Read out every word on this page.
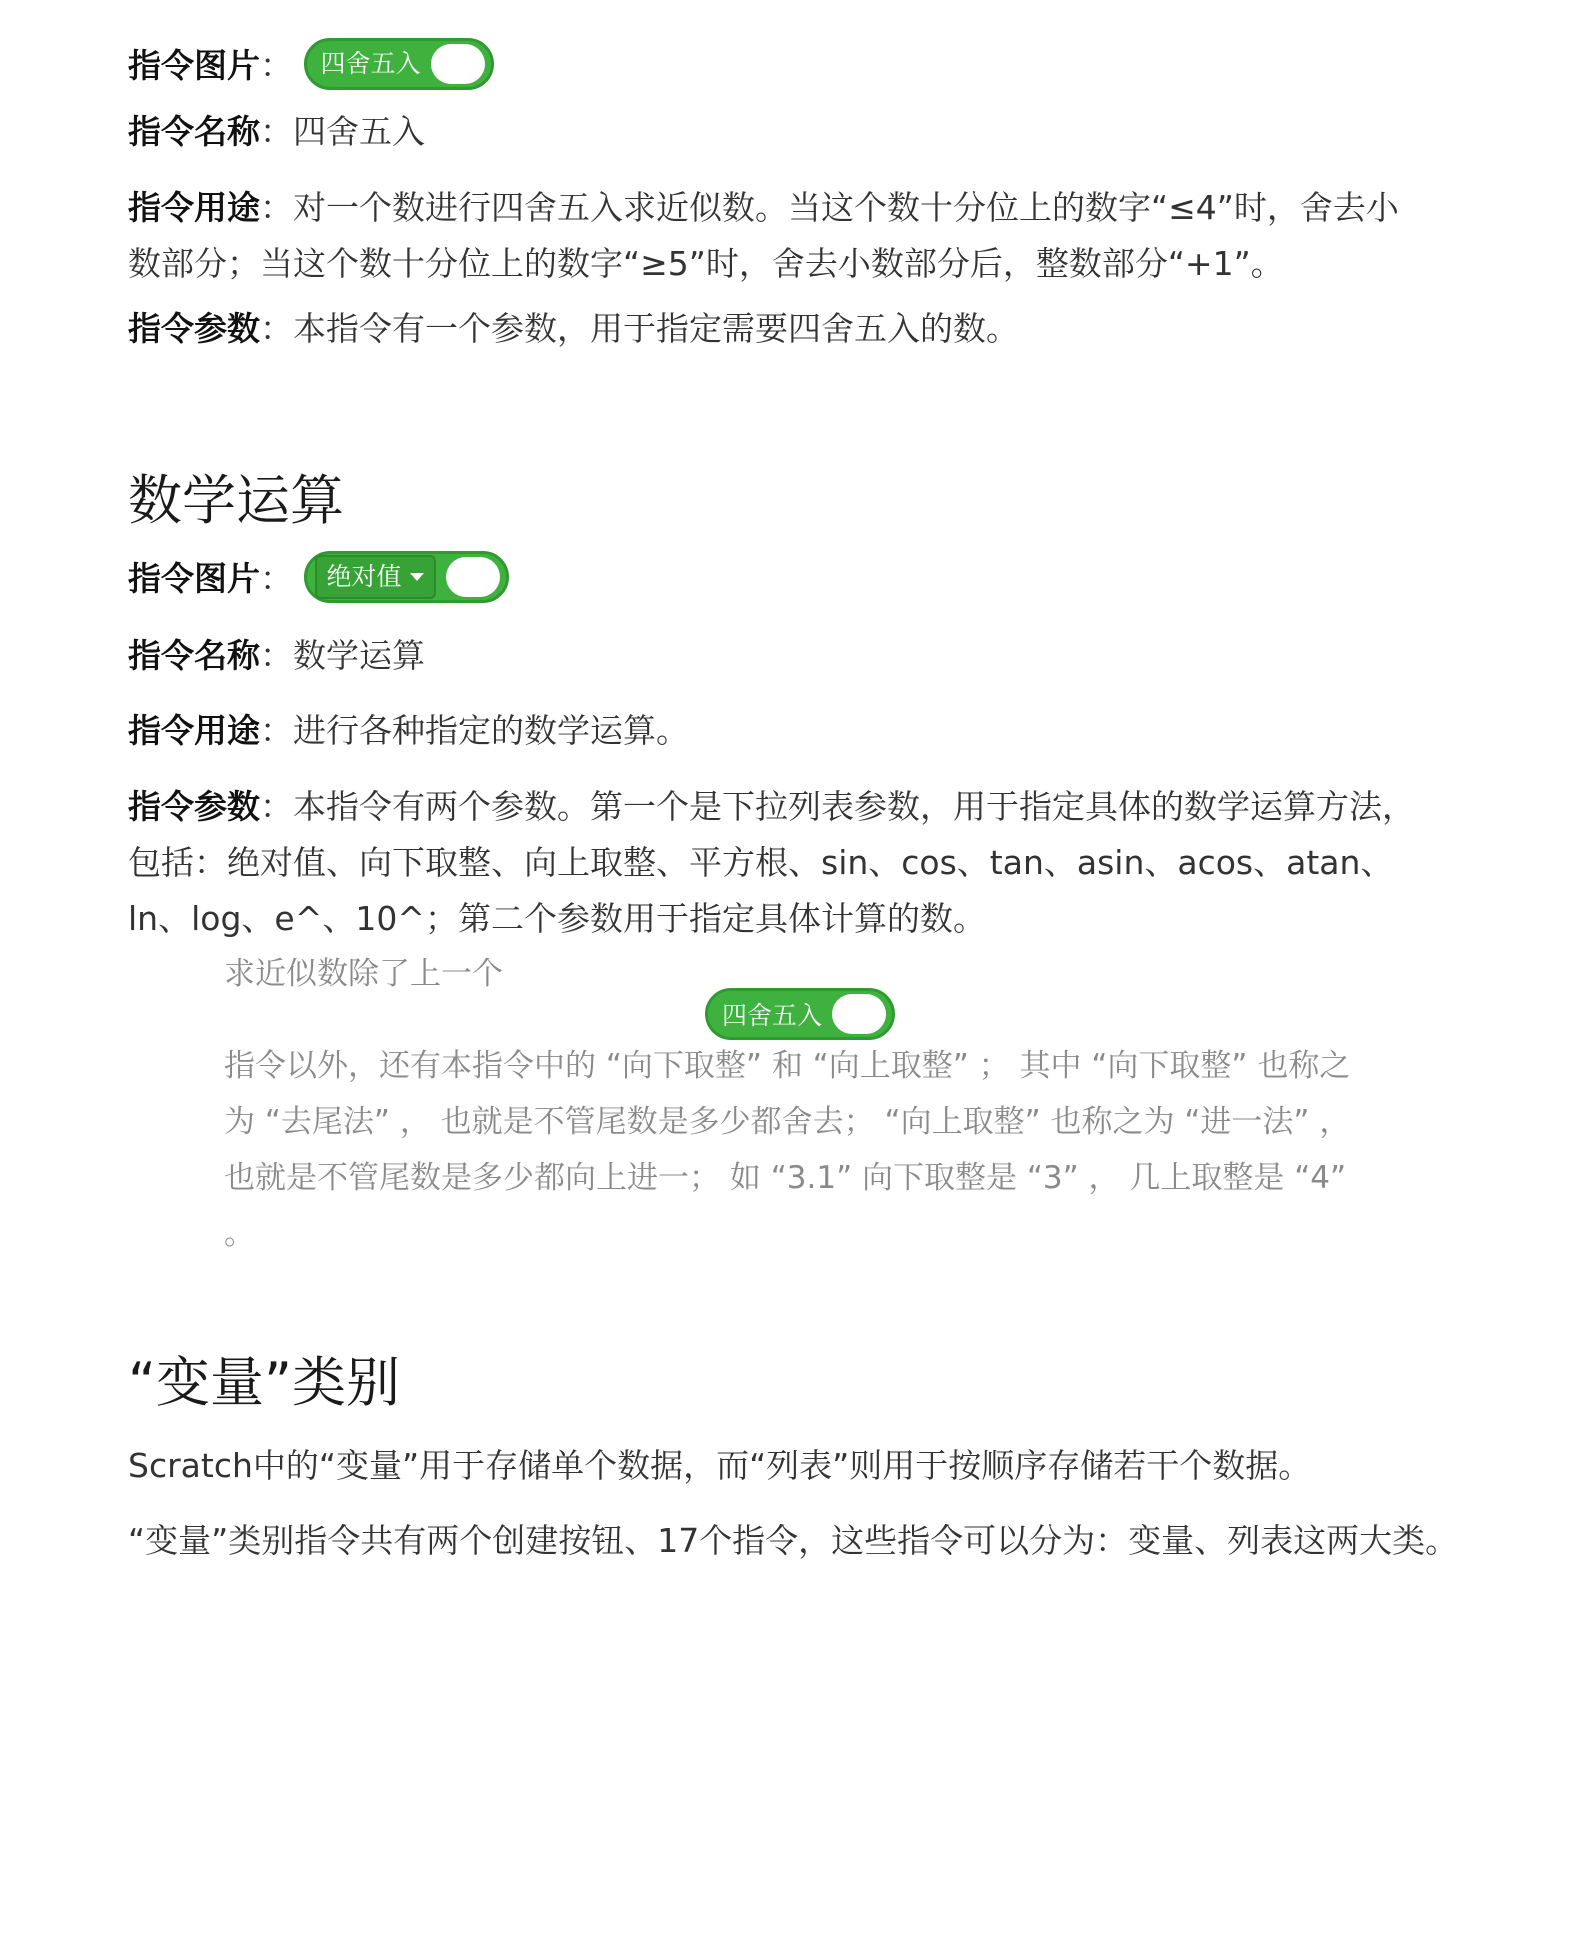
指令图片： 四舍五入
指令名称：四舍五入
指令用途：对一个数进行四舍五入求近似数。当这个数十分位上的数字“≤4”时，舍去小数部分；当这个数十分位上的数字“≥5”时，舍去小数部分后，整数部分“+1”。
指令参数：本指令有一个参数，用于指定需要四舍五入的数。
数学运算
指令图片： 绝对值
指令名称：数学运算
指令用途：进行各种指定的数学运算。
指令参数：本指令有两个参数。第一个是下拉列表参数，用于指定具体的数学运算方法，包括：绝对值、向下取整、向上取整、平方根、sin、cos、tan、asin、acos、atan、ln、log、e^、10^；第二个参数用于指定具体计算的数。
求近似数除了上一个
四舍五入
指令以外，还有本指令中的 “向下取整” 和 “向上取整” ； 其中 “向下取整” 也称之为 “去尾法” ， 也就是不管尾数是多少都舍去； “向上取整” 也称之为 “进一法” ， 也就是不管尾数是多少都向上进一； 如 “3.1” 向下取整是 “3” ， 几上取整是 “4” 。
“变量”类别
Scratch中的“变量”用于存储单个数据，而“列表”则用于按顺序存储若干个数据。
“变量”类别指令共有两个创建按钮、17个指令，这些指令可以分为：变量、列表这两大类。
